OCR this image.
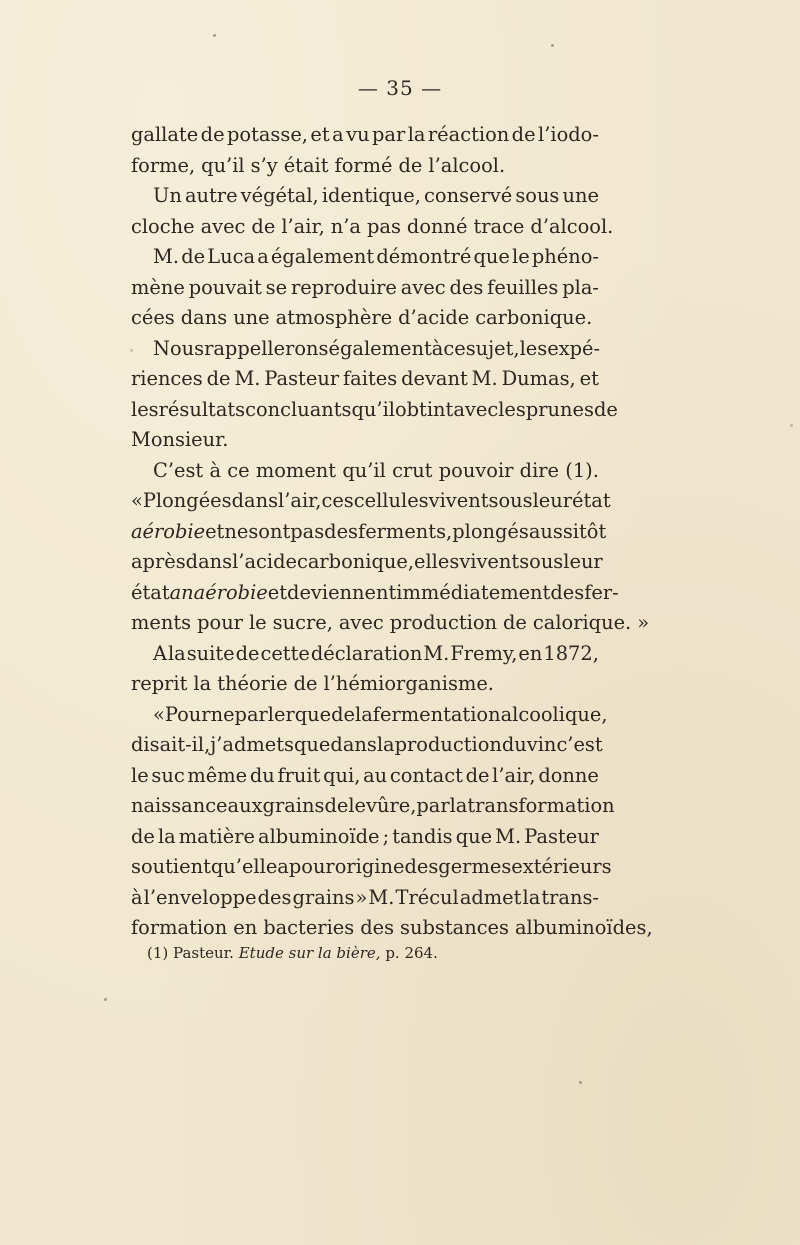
— 35 —
gallate de potasse, et a vu par la réaction de l’iodo-
forme, qu’il s’y était formé de l’alcool.
Un autre végétal, identique, conservé sous une
cloche avec de l’air, n’a pas donné trace d’alcool.
M. de Luca a également démontré que le phéno-
mène pouvait se reproduire avec des feuilles pla-
cées dans une atmosphère d’acide carbonique.
Nous rappellerons également à ce sujet, les expé-
riences de M. Pasteur faites devant M. Dumas, et
les résultats concluants qu’il obtint avec les prunes de
Monsieur.
C’est à ce moment qu’il crut pouvoir dire (1).
« Plongées dans l’air, ces cellules vivent sous leur état
aérobie et ne sont pas des ferments, plongés aussitôt
après dans l’acide carbonique, elles vivent sous leur
état anaérobie et deviennent immédiatement des fer-
ments pour le sucre, avec production de calorique. »
A la suite de cette déclaration M. Fremy, en 1872,
reprit la théorie de l’hémiorganisme.
« Pour ne parler que de la fermentation alcoolique,
disait-il, j’admets que dans la production du vin c’est
le suc même du fruit qui, au contact de l’air, donne
naissance aux grains de levûre, par la transformation
de la matière albuminoïde ; tandis que M. Pasteur
soutient qu’elle a pour origine des germes extérieurs
à l’enveloppe des grains » M. Trécul admet la trans-
formation en bacteries des substances albuminoïdes,
(1) Pasteur. Etude sur la bière, p. 264.
